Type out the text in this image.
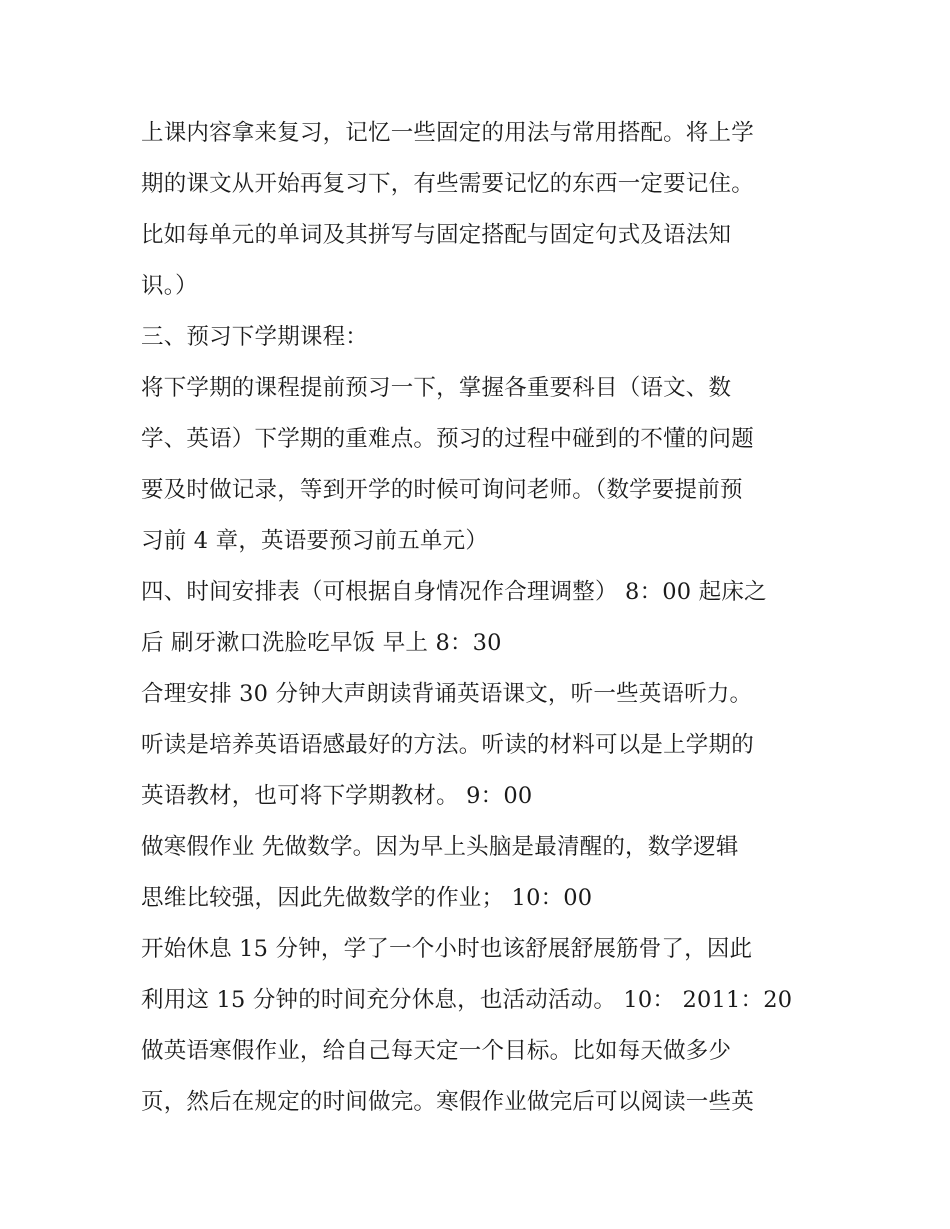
上课内容拿来复习，记忆一些固定的用法与常用搭配。将上学
期的课文从开始再复习下，有些需要记忆的东西一定要记住。
比如每单元的单词及其拼写与固定搭配与固定句式及语法知
识。）
三、预习下学期课程：
将下学期的课程提前预习一下，掌握各重要科目（语文、数
学、英语）下学期的重难点。预习的过程中碰到的不懂的问题
要及时做记录，等到开学的时候可询问老师。（数学要提前预
习前 4 章，英语要预习前五单元）
四、时间安排表（可根据自身情况作合理调整） 8：00 起床之
后 刷牙漱口洗脸吃早饭 早上 8：30
合理安排 30 分钟大声朗读背诵英语课文，听一些英语听力。
听读是培养英语语感最好的方法。听读的材料可以是上学期的
英语教材，也可将下学期教材。 9：00
做寒假作业 先做数学。因为早上头脑是最清醒的，数学逻辑
思维比较强，因此先做数学的作业； 10：00
开始休息 15 分钟，学了一个小时也该舒展舒展筋骨了，因此
利用这 15 分钟的时间充分休息，也活动活动。 10： 2011：20
做英语寒假作业，给自己每天定一个目标。比如每天做多少
页，然后在规定的时间做完。寒假作业做完后可以阅读一些英
